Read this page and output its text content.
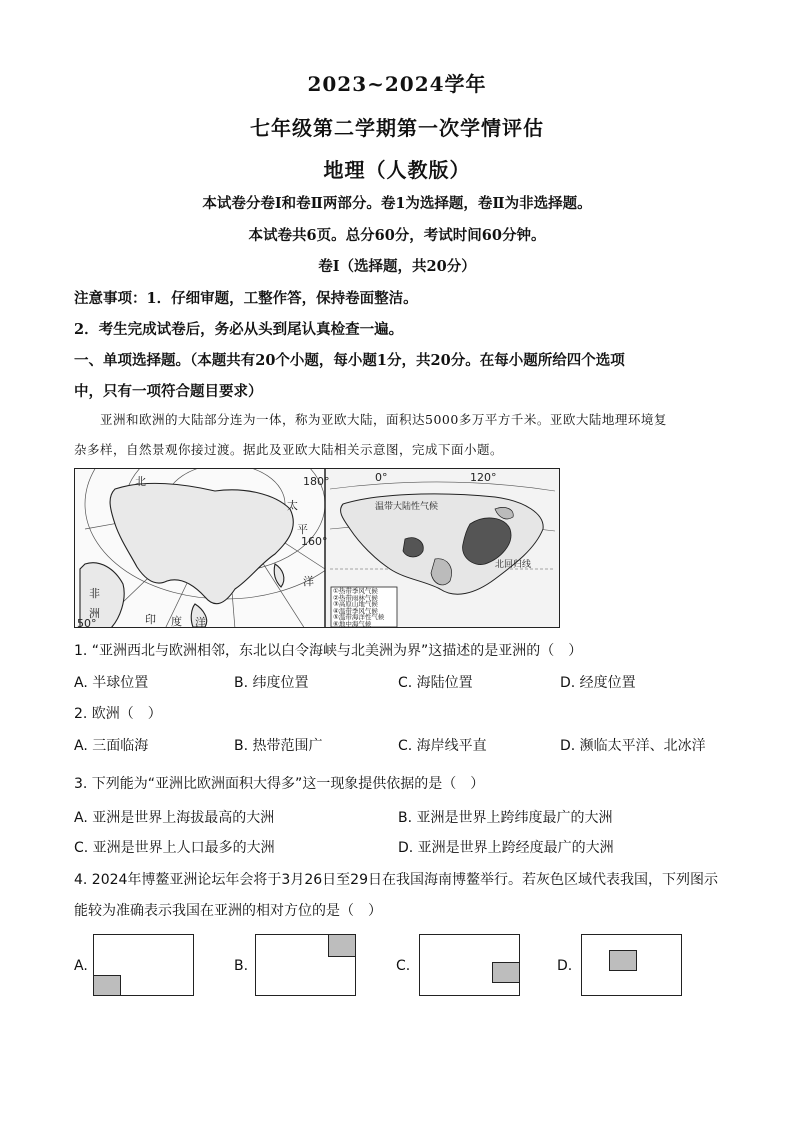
2023~2024学年
七年级第二学期第一次学情评估
地理（人教版）
本试卷分卷Ⅰ和卷Ⅱ两部分。卷1为选择题，卷Ⅱ为非选择题。
本试卷共6页。总分60分，考试时间60分钟。
卷Ⅰ（选择题，共20分）
注意事项：1．仔细审题，工整作答，保持卷面整洁。
2．考生完成试卷后，务必从头到尾认真检查一遍。
一、单项选择题。（本题共有20个小题，每小题1分，共20分。在每小题所给四个选项
中，只有一项符合题目要求）
亚洲和欧洲的大陆部分连为一体，称为亚欧大陆，面积达5000多万平方千米。亚欧大陆地理环境复
杂多样，自然景观你接过渡。据此及亚欧大陆相关示意图，完成下面小题。
北
太
平
洋
非
洲	印 度 洋
180°
160°
50°
温带大陆性气候
北回归线
120°
0°
①热带季风气候
②热带雨林气候
③高原山地气候
④温带季风气候
⑤温带海洋性气候
⑥地中海气候
1. “亚洲西北与欧洲相邻，东北以白令海峡与北美洲为界”这描述的是亚洲的（　）
A. 半球位置	B. 纬度位置	C. 海陆位置	D. 经度位置
2. 欧洲（　）
A. 三面临海	B. 热带范围广	C. 海岸线平直	D. 濒临太平洋、北冰洋
3. 下列能为“亚洲比欧洲面积大得多”这一现象提供依据的是（　）
A. 亚洲是世界上海拔最高的大洲	B. 亚洲是世界上跨纬度最广的大洲
C. 亚洲是世界上人口最多的大洲	D. 亚洲是世界上跨经度最广的大洲
4. 2024年博鳌亚洲论坛年会将于3月26日至29日在我国海南博鳌举行。若灰色区域代表我国，下列图示
能较为准确表示我国在亚洲的相对方位的是（　）
A.	B.	C.	D.
